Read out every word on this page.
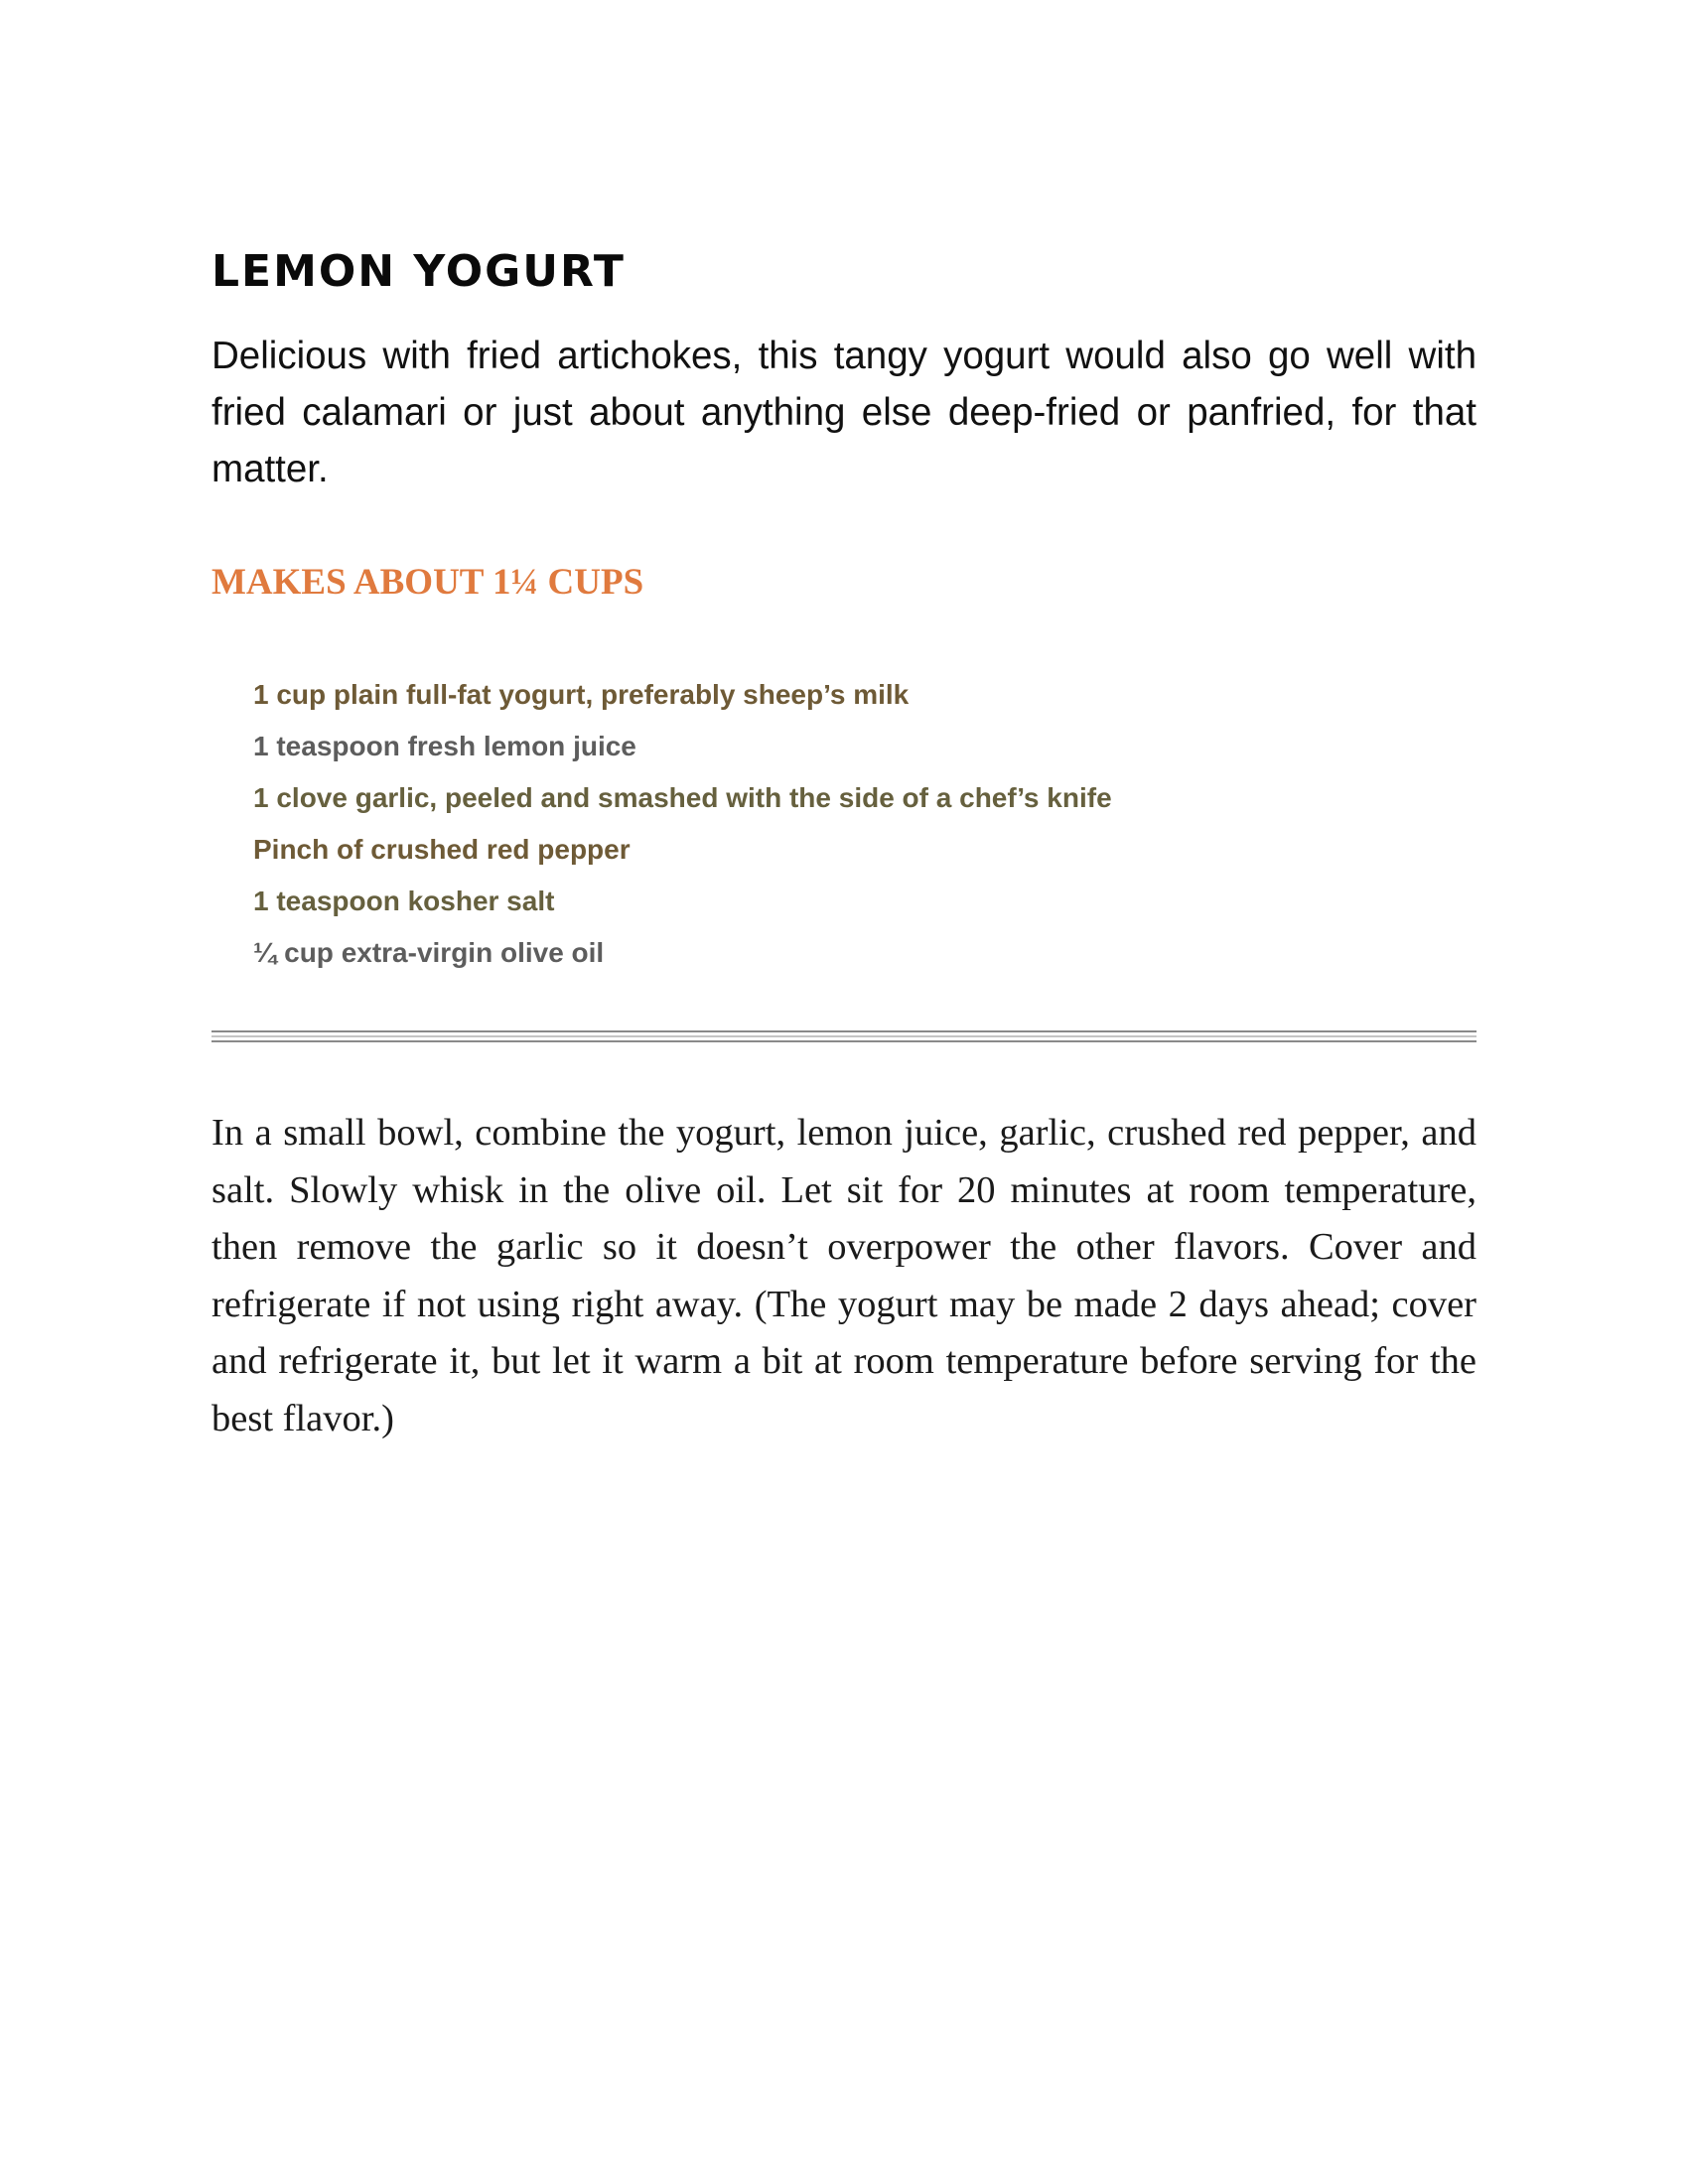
LEMON YOGURT

Delicious with fried artichokes, this tangy yogurt would also go well with fried calamari or just about anything else deep-fried or panfried, for that matter.

MAKES ABOUT 1¼ CUPS
1 cup plain full-fat yogurt, preferably sheep’s milk
1 teaspoon fresh lemon juice
1 clove garlic, peeled and smashed with the side of a chef’s knife
Pinch of crushed red pepper
1 teaspoon kosher salt
¼ cup extra-virgin olive oil

In a small bowl, combine the yogurt, lemon juice, garlic, crushed red pepper, and salt. Slowly whisk in the olive oil. Let sit for 20 minutes at room temperature, then remove the garlic so it doesn’t overpower the other flavors. Cover and refrigerate if not using right away. (The yogurt may be made 2 days ahead; cover and refrigerate it, but let it warm a bit at room temperature before serving for the best flavor.)
